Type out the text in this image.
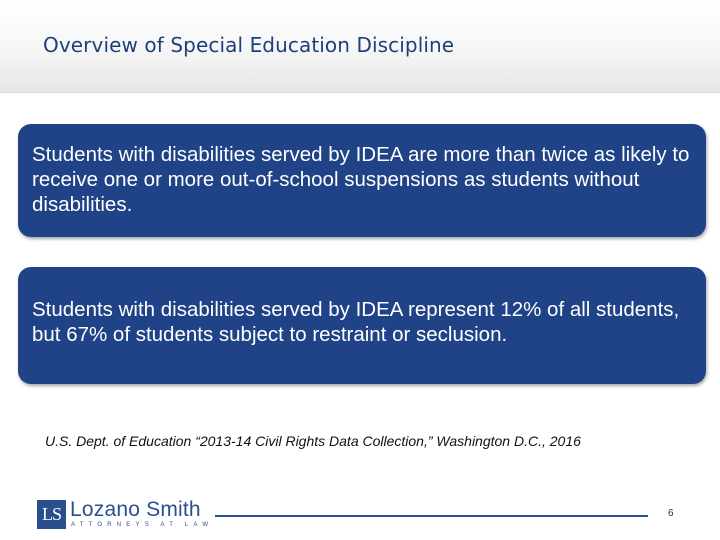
Overview of Special Education Discipline

Students with disabilities served by IDEA are more than twice as likely to receive one or more out-of-school suspensions as students without disabilities.

Students with disabilities served by IDEA represent 12% of all students, but 67% of students subject to restraint or seclusion.

U.S. Dept. of Education “2013-14 Civil Rights Data Collection,” Washington D.C., 2016

LS Lozano Smith
ATTORNEYS AT LAW
6
